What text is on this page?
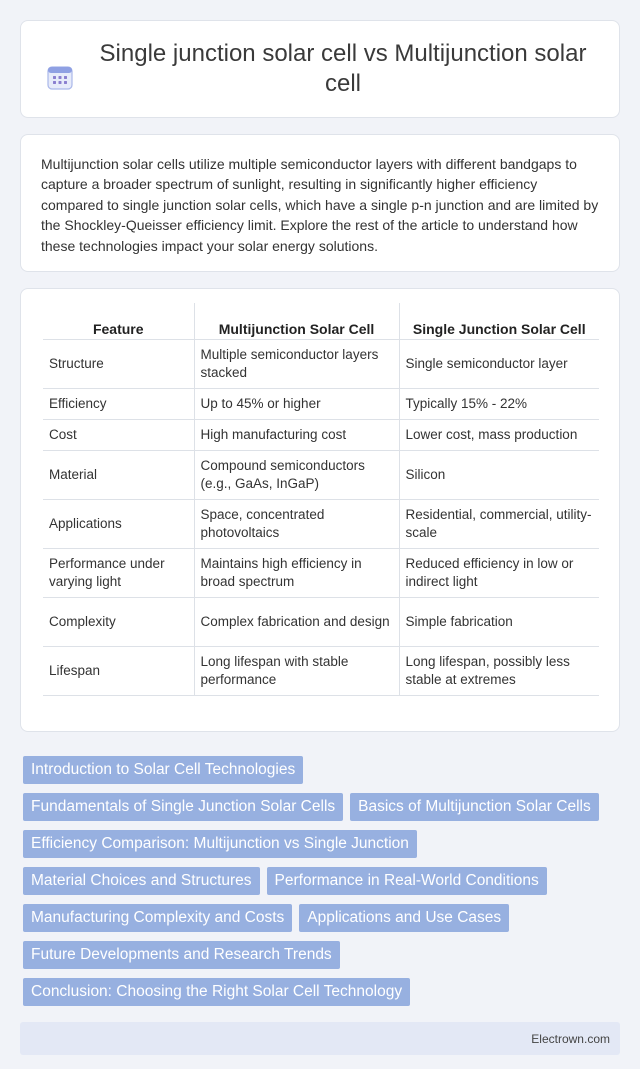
Single junction solar cell vs Multijunction solar cell

Multijunction solar cells utilize multiple semiconductor layers with different bandgaps to capture a broader spectrum of sunlight, resulting in significantly higher efficiency compared to single junction solar cells, which have a single p-n junction and are limited by the Shockley-Queisser efficiency limit. Explore the rest of the article to understand how these technologies impact your solar energy solutions.

Feature	Multijunction Solar Cell	Single Junction Solar Cell
Structure	Multiple semiconductor layers stacked	Single semiconductor layer
Efficiency	Up to 45% or higher	Typically 15% - 22%
Cost	High manufacturing cost	Lower cost, mass production
Material	Compound semiconductors (e.g., GaAs, InGaP)	Silicon
Applications	Space, concentrated photovoltaics	Residential, commercial, utility-scale
Performance under varying light	Maintains high efficiency in broad spectrum	Reduced efficiency in low or indirect light
Complexity	Complex fabrication and design	Simple fabrication
Lifespan	Long lifespan with stable performance	Long lifespan, possibly less stable at extremes
Introduction to Solar Cell Technologies
Fundamentals of Single Junction Solar Cells	Basics of Multijunction Solar Cells
Efficiency Comparison: Multijunction vs Single Junction
Material Choices and Structures	Performance in Real-World Conditions
Manufacturing Complexity and Costs	Applications and Use Cases
Future Developments and Research Trends
Conclusion: Choosing the Right Solar Cell Technology
Electrown.com
